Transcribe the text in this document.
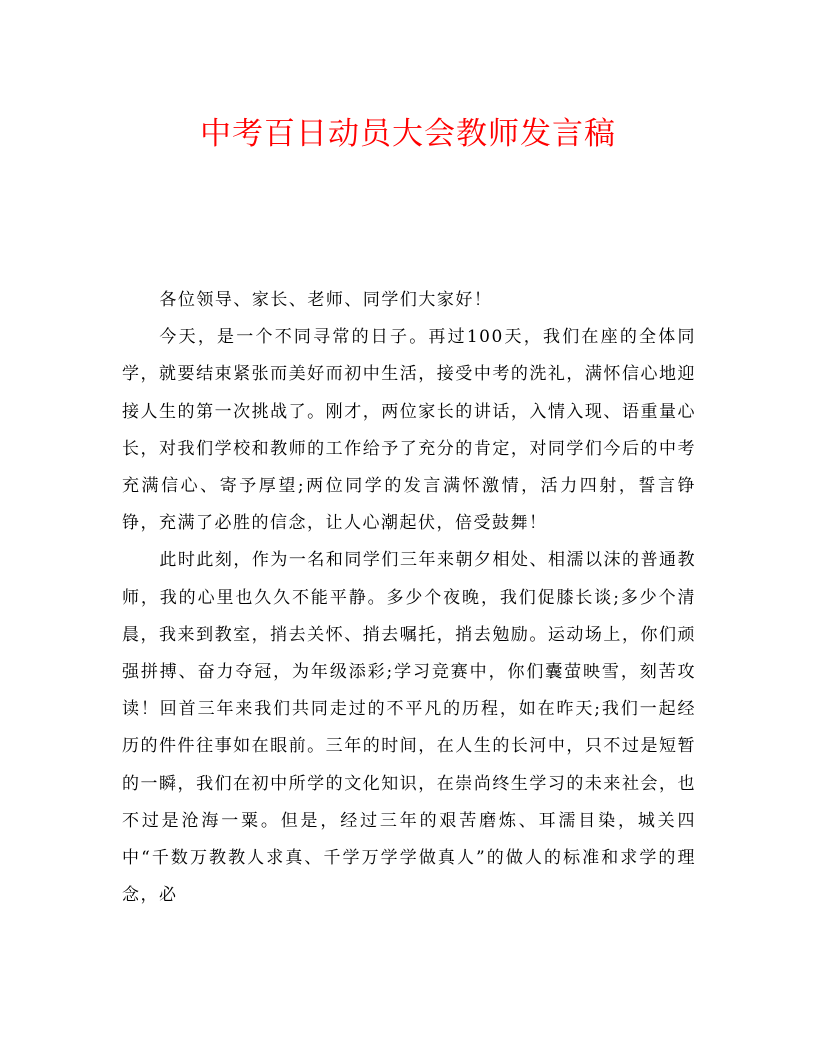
中考百日动员大会教师发言稿

各位领导、家长、老师、同学们大家好！

今天，是一个不同寻常的日子。再过100天，我们在座的全体同学，就要结束紧张而美好而初中生活，接受中考的洗礼，满怀信心地迎接人生的第一次挑战了。刚才，两位家长的讲话，入情入现、语重量心长，对我们学校和教师的工作给予了充分的肯定，对同学们今后的中考充满信心、寄予厚望;两位同学的发言满怀激情，活力四射，誓言铮铮，充满了必胜的信念，让人心潮起伏，倍受鼓舞！

此时此刻，作为一名和同学们三年来朝夕相处、相濡以沫的普通教师，我的心里也久久不能平静。多少个夜晚，我们促膝长谈;多少个清晨，我来到教室，捎去关怀、捎去嘱托，捎去勉励。运动场上，你们顽强拼搏、奋力夺冠，为年级添彩;学习竞赛中，你们囊萤映雪，刻苦攻读！回首三年来我们共同走过的不平凡的历程，如在昨天;我们一起经历的件件往事如在眼前。三年的时间，在人生的长河中，只不过是短暂的一瞬，我们在初中所学的文化知识，在崇尚终生学习的未来社会，也不过是沧海一粟。但是，经过三年的艰苦磨炼、耳濡目染，城关四中“千数万教教人求真、千学万学学做真人”的做人的标准和求学的理念，必
